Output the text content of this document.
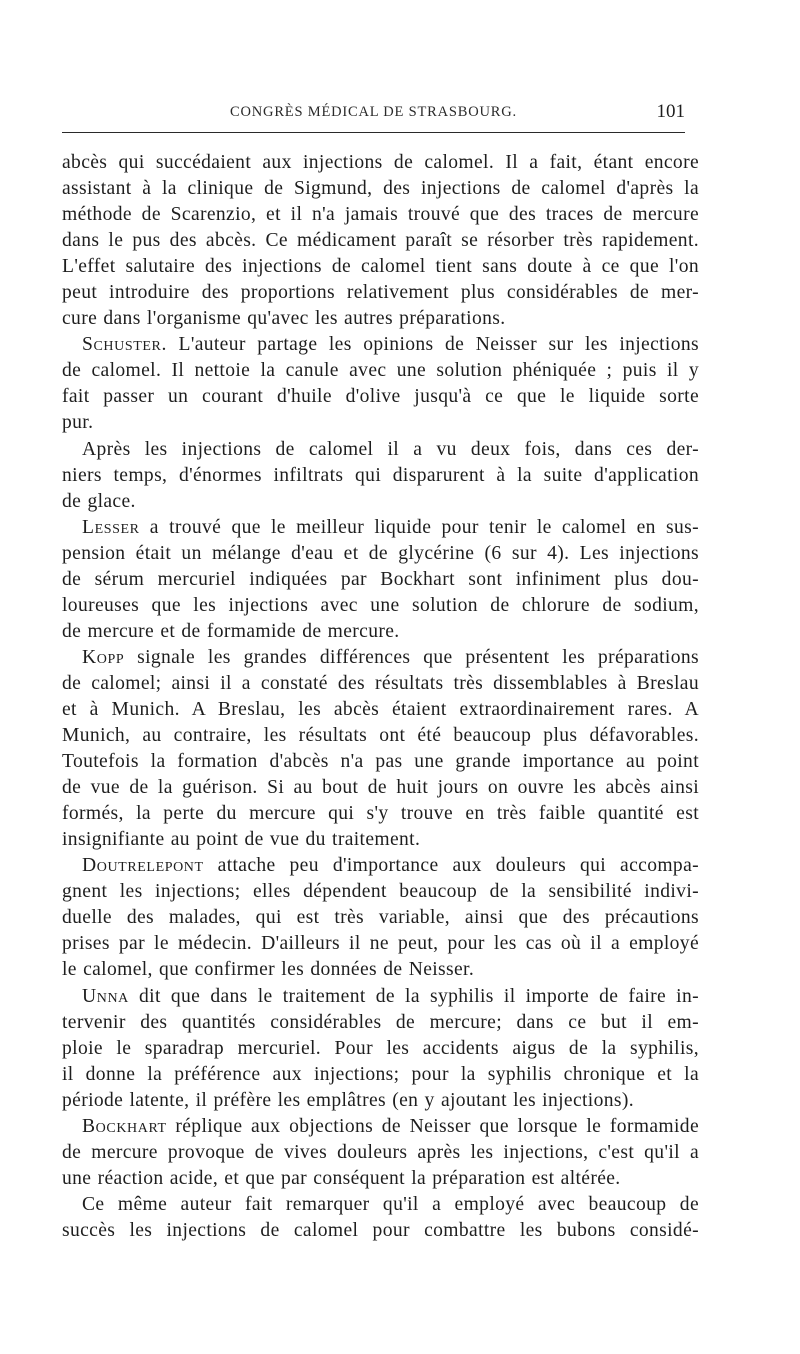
CONGRÈS MÉDICAL DE STRASBOURG.	101
abcès qui succédaient aux injections de calomel. Il a fait, étant encore
assistant à la clinique de Sigmund, des injections de calomel d'après la
méthode de Scarenzio, et il n'a jamais trouvé que des traces de mercure
dans le pus des abcès. Ce médicament paraît se résorber très rapidement.
L'effet salutaire des injections de calomel tient sans doute à ce que l'on
peut introduire des proportions relativement plus considérables de mer-
cure dans l'organisme qu'avec les autres préparations.
Schuster. L'auteur partage les opinions de Neisser sur les injections
de calomel. Il nettoie la canule avec une solution phéniquée ; puis il y
fait passer un courant d'huile d'olive jusqu'à ce que le liquide sorte
pur.
Après les injections de calomel il a vu deux fois, dans ces der-
niers temps, d'énormes infiltrats qui disparurent à la suite d'application
de glace.
Lesser a trouvé que le meilleur liquide pour tenir le calomel en sus-
pension était un mélange d'eau et de glycérine (6 sur 4). Les injections
de sérum mercuriel indiquées par Bockhart sont infiniment plus dou-
loureuses que les injections avec une solution de chlorure de sodium,
de mercure et de formamide de mercure.
Kopp signale les grandes différences que présentent les préparations
de calomel; ainsi il a constaté des résultats très dissemblables à Breslau
et à Munich. A Breslau, les abcès étaient extraordinairement rares. A
Munich, au contraire, les résultats ont été beaucoup plus défavorables.
Toutefois la formation d'abcès n'a pas une grande importance au point
de vue de la guérison. Si au bout de huit jours on ouvre les abcès ainsi
formés, la perte du mercure qui s'y trouve en très faible quantité est
insignifiante au point de vue du traitement.
Doutrelepont attache peu d'importance aux douleurs qui accompa-
gnent les injections; elles dépendent beaucoup de la sensibilité indivi-
duelle des malades, qui est très variable, ainsi que des précautions
prises par le médecin. D'ailleurs il ne peut, pour les cas où il a employé
le calomel, que confirmer les données de Neisser.
Unna dit que dans le traitement de la syphilis il importe de faire in-
tervenir des quantités considérables de mercure; dans ce but il em-
ploie le sparadrap mercuriel. Pour les accidents aigus de la syphilis,
il donne la préférence aux injections; pour la syphilis chronique et la
période latente, il préfère les emplâtres (en y ajoutant les injections).
Bockhart réplique aux objections de Neisser que lorsque le formamide
de mercure provoque de vives douleurs après les injections, c'est qu'il a
une réaction acide, et que par conséquent la préparation est altérée.
Ce même auteur fait remarquer qu'il a employé avec beaucoup de
succès les injections de calomel pour combattre les bubons considé-
